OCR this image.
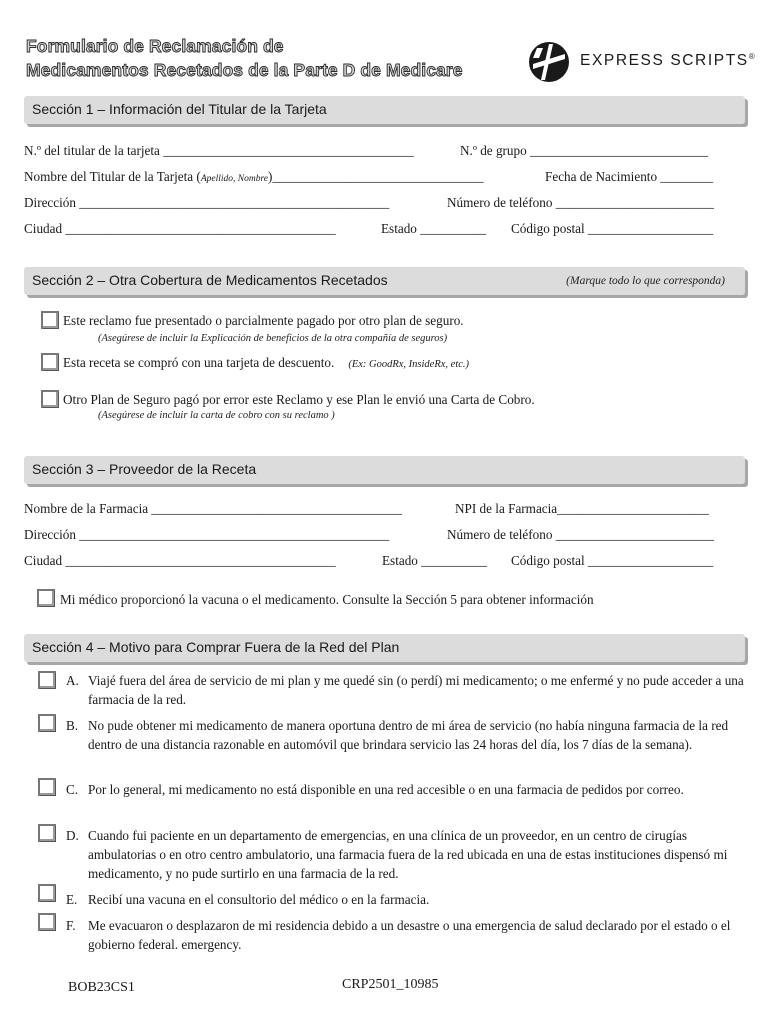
Formulario de Reclamación de
Medicamentos Recetados de la Parte D de Medicare	EXPRESS SCRIPTS®
Sección 1 – Información del Titular de la Tarjeta
N.º del titular de la tarjeta ______________________________________	N.º de grupo ___________________________
Nombre del Titular de la Tarjeta (Apellido, Nombre)________________________________	Fecha de Nacimiento ________
Dirección _______________________________________________	Número de teléfono ________________________
Ciudad _________________________________________	Estado __________ Código postal ___________________
Sección 2 – Otra Cobertura de Medicamentos Recetados	(Marque todo lo que corresponda)
Este reclamo fue presentado o parcialmente pagado por otro plan de seguro.
(Asegúrese de incluir la Explicación de beneficios de la otra compañía de seguros)
Esta receta se compró con una tarjeta de descuento. (Ex: GoodRx, InsideRx, etc.)
Otro Plan de Seguro pagó por error este Reclamo y ese Plan le envió una Carta de Cobro.
(Asegúrese de incluir la carta de cobro con su reclamo )
Sección 3 – Proveedor de la Receta
Nombre de la Farmacia ______________________________________	NPI de la Farmacia_______________________
Dirección _______________________________________________	Número de teléfono ________________________
Ciudad _________________________________________	Estado __________ Código postal ___________________
Mi médico proporcionó la vacuna o el medicamento. Consulte la Sección 5 para obtener información
Sección 4 – Motivo para Comprar Fuera de la Red del Plan
A. Viajé fuera del área de servicio de mi plan y me quedé sin (o perdí) mi medicamento; o me enfermé y no pude acceder a una farmacia de la red.
B. No pude obtener mi medicamento de manera oportuna dentro de mi área de servicio (no había ninguna farmacia de la red dentro de una distancia razonable en automóvil que brindara servicio las 24 horas del día, los 7 días de la semana).
C. Por lo general, mi medicamento no está disponible en una red accesible o en una farmacia de pedidos por correo.
D. Cuando fui paciente en un departamento de emergencias, en una clínica de un proveedor, en un centro de cirugías ambulatorias o en otro centro ambulatorio, una farmacia fuera de la red ubicada en una de estas instituciones dispensó mi medicamento, y no pude surtirlo en una farmacia de la red.
E. Recibí una vacuna en el consultorio del médico o en la farmacia.
F. Me evacuaron o desplazaron de mi residencia debido a un desastre o una emergencia de salud declarado por el estado o el gobierno federal. emergency.
BOB23CS1	CRP2501_10985
